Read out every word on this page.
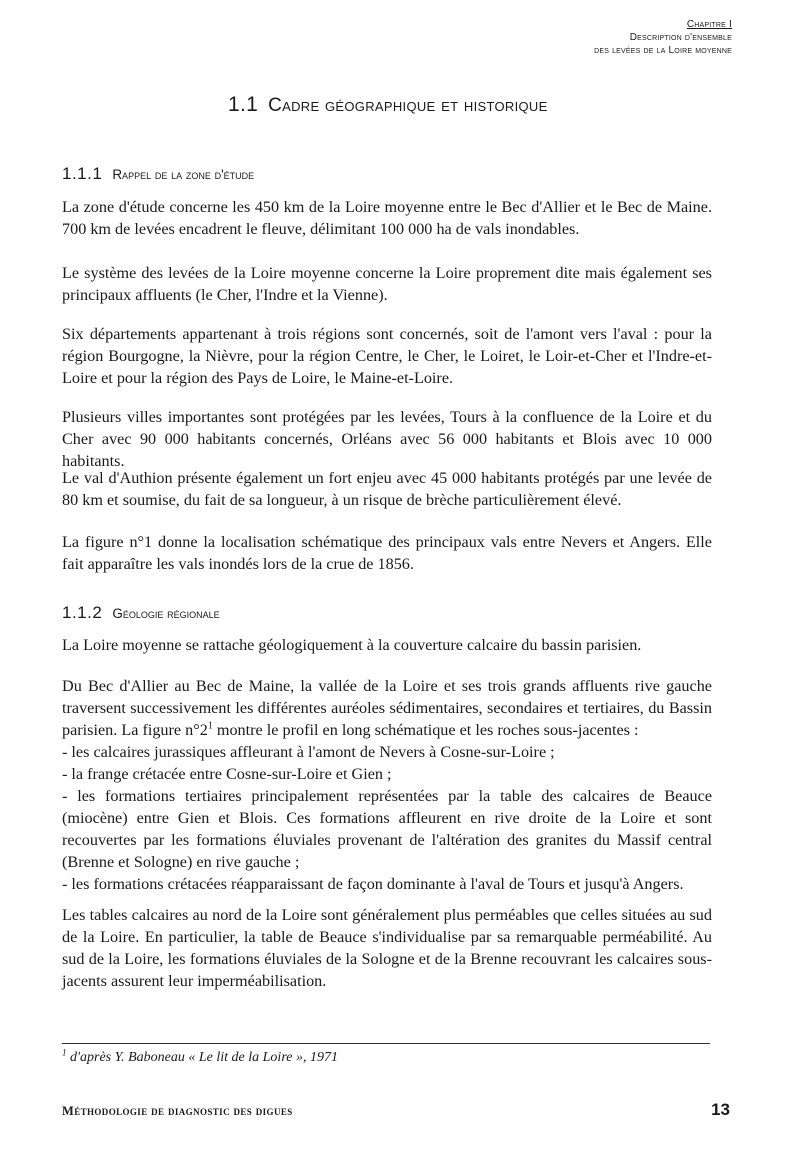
Chapitre I
Description d'ensemble
des levées de la Loire moyenne
1.1 Cadre géographique et historique
1.1.1 Rappel de la zone d'étude

La zone d'étude concerne les 450 km de la Loire moyenne entre le Bec d'Allier et le Bec de Maine. 700 km de levées encadrent le fleuve, délimitant 100 000 ha de vals inondables.

Le système des levées de la Loire moyenne concerne la Loire proprement dite mais également ses principaux affluents (le Cher, l'Indre et la Vienne).

Six départements appartenant à trois régions sont concernés, soit de l'amont vers l'aval : pour la région Bourgogne, la Nièvre, pour la région Centre, le Cher, le Loiret, le Loir-et-Cher et l'Indre-et-Loire et pour la région des Pays de Loire, le Maine-et-Loire.

Plusieurs villes importantes sont protégées par les levées, Tours à la confluence de la Loire et du Cher avec 90 000 habitants concernés, Orléans avec 56 000 habitants et Blois avec 10 000 habitants.

Le val d'Authion présente également un fort enjeu avec 45 000 habitants protégés par une levée de 80 km et soumise, du fait de sa longueur, à un risque de brèche particulièrement élevé.

La figure n°1 donne la localisation schématique des principaux vals entre Nevers et Angers. Elle fait apparaître les vals inondés lors de la crue de 1856.

1.1.2 Géologie régionale

La Loire moyenne se rattache géologiquement à la couverture calcaire du bassin parisien.

Du Bec d'Allier au Bec de Maine, la vallée de la Loire et ses trois grands affluents rive gauche traversent successivement les différentes auréoles sédimentaires, secondaires et tertiaires, du Bassin parisien. La figure $n^\circ 2^1$ montre le profil en long schématique et les roches sous-jacentes :
- les calcaires jurassiques affleurant à l'amont de Nevers à Cosne-sur-Loire ;
- la frange crétacée entre Cosne-sur-Loire et Gien ;
- les formations tertiaires principalement représentées par la table des calcaires de Beauce (miocène) entre Gien et Blois. Ces formations affleurent en rive droite de la Loire et sont recouvertes par les formations éluviales provenant de l'altération des granites du Massif central (Brenne et Sologne) en rive gauche ;
- les formations crétacées réapparaissant de façon dominante à l'aval de Tours et jusqu'à Angers.

Les tables calcaires au nord de la Loire sont généralement plus perméables que celles situées au sud de la Loire. En particulier, la table de Beauce s'individualise par sa remarquable perméabilité. Au sud de la Loire, les formations éluviales de la Sologne et de la Brenne recouvrant les calcaires sous-jacents assurent leur imperméabilisation.

$^1$ d'après Y. Baboneau « Le lit de la Loire », 1971
Méthodologie de diagnostic des digues	13
